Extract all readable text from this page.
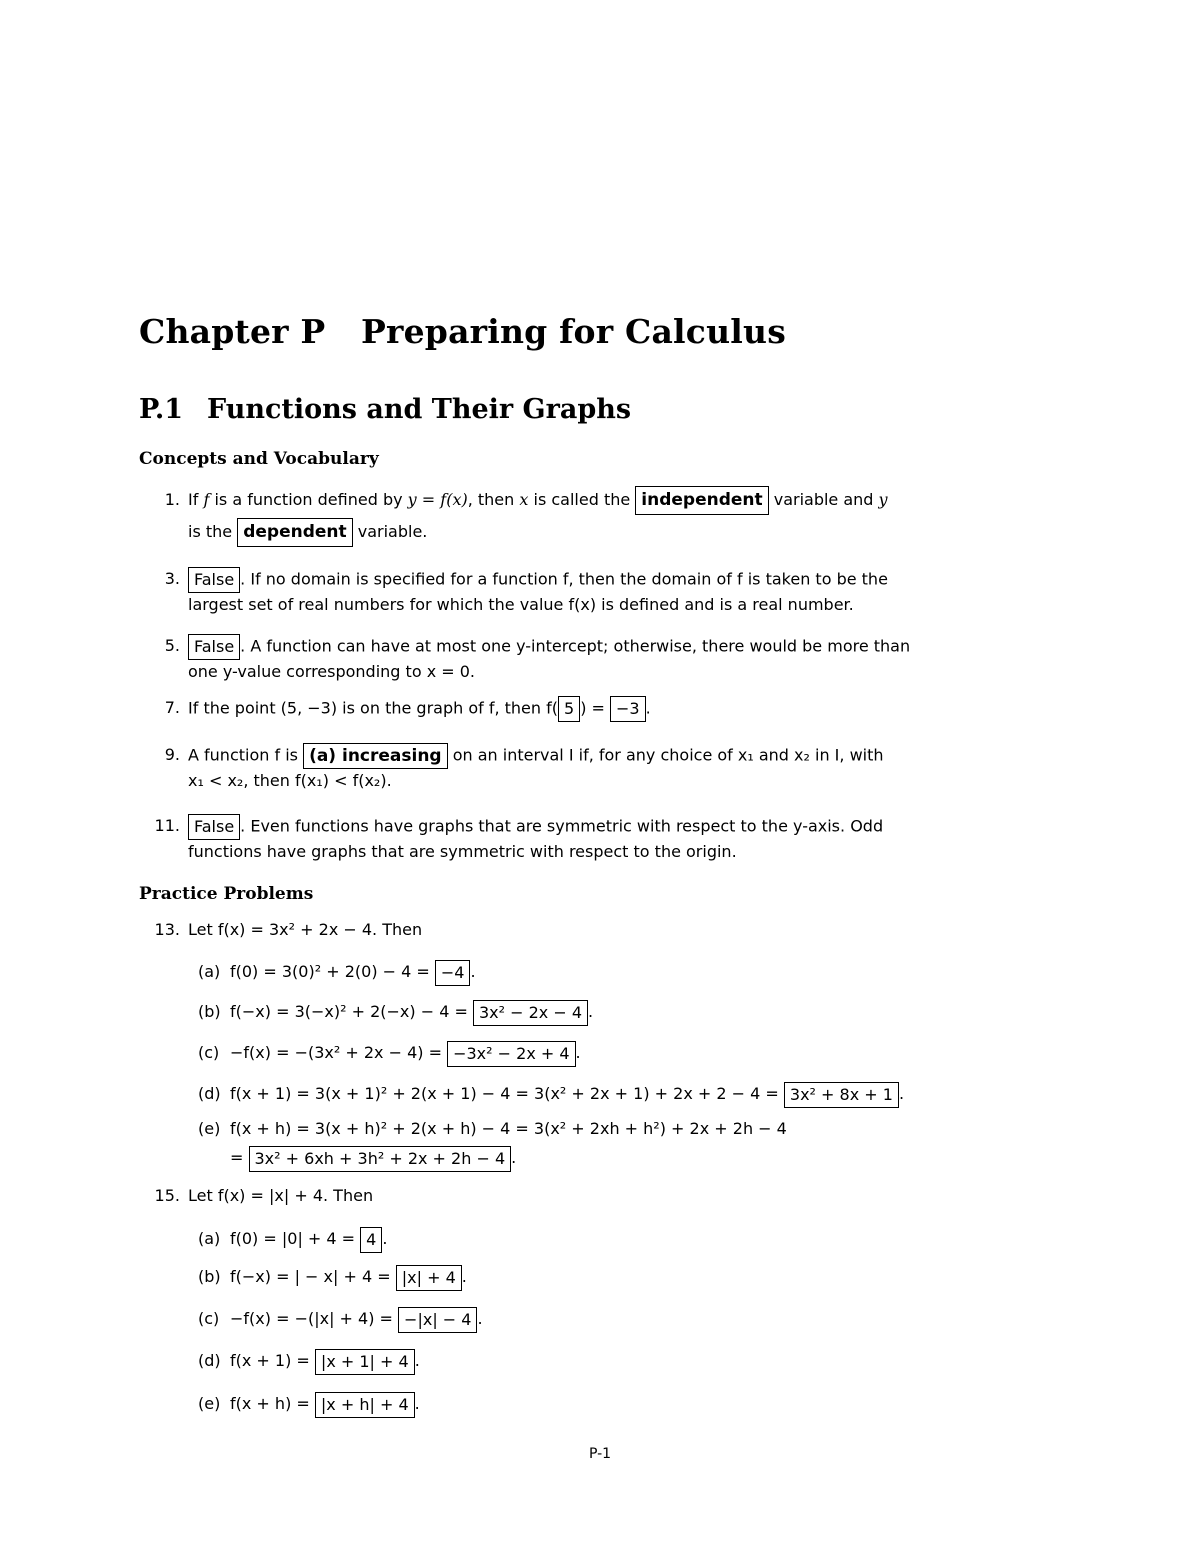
Chapter P Preparing for Calculus
P.1 Functions and Their Graphs
Concepts and Vocabulary
1. If f is a function defined by y = f(x), then x is called the independent variable and y
is the dependent variable.
3. False . If no domain is specified for a function f, then the domain of f is taken to be the
largest set of real numbers for which the value f(x) is defined and is a real number.
5. False . A function can have at most one y-intercept; otherwise, there would be more than
one y-value corresponding to x = 0.
7. If the point (5, −3) is on the graph of f, then f( 5 ) = −3 .
9. A function f is (a) increasing on an interval I if, for any choice of x₁ and x₂ in I, with
x₁ < x₂, then f(x₁) < f(x₂).
11. False . Even functions have graphs that are symmetric with respect to the y-axis. Odd
functions have graphs that are symmetric with respect to the origin.
Practice Problems
13. Let f(x) = 3x² + 2x − 4. Then
(a) f(0) = 3(0)² + 2(0) − 4 = −4 .
(b) f(−x) = 3(−x)² + 2(−x) − 4 = 3x² − 2x − 4 .
(c) −f(x) = −(3x² + 2x − 4) = −3x² − 2x + 4 .
(d) f(x + 1) = 3(x + 1)² + 2(x + 1) − 4 = 3(x² + 2x + 1) + 2x + 2 − 4 = 3x² + 8x + 1 .
(e) f(x + h) = 3(x + h)² + 2(x + h) − 4 = 3(x² + 2xh + h²) + 2x + 2h − 4
= 3x² + 6xh + 3h² + 2x + 2h − 4 .
15. Let f(x) = |x| + 4. Then
(a) f(0) = |0| + 4 = 4 .
(b) f(−x) = | − x| + 4 = |x| + 4 .
(c) −f(x) = −(|x| + 4) = −|x| − 4 .
(d) f(x + 1) = |x + 1| + 4 .
(e) f(x + h) = |x + h| + 4 .
P-1
